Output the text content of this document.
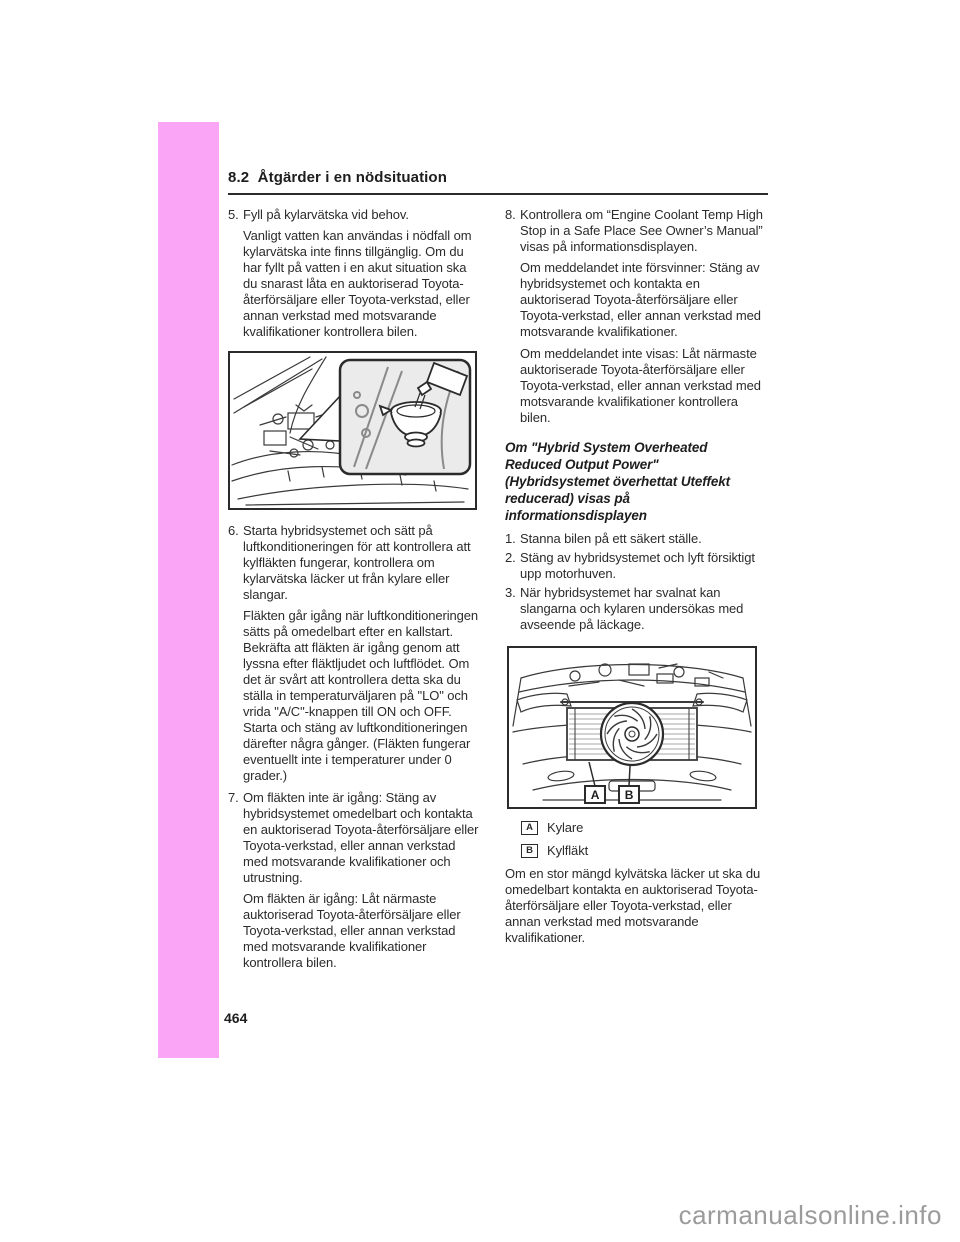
8.2  Åtgärder i en nödsituation
5. Fyll på kylarvätska vid behov.
Vanligt vatten kan användas i nödfall om kylarvätska inte finns tillgänglig. Om du har fyllt på vatten i en akut situation ska du snarast låta en auktoriserad Toyota-återförsäljare eller Toyota-verkstad, eller annan verkstad med motsvarande kvalifikationer kontrollera bilen.
6. Starta hybridsystemet och sätt på luftkonditioneringen för att kontrollera att kylfläkten fungerar, kontrollera om kylarvätska läcker ut från kylare eller slangar.
Fläkten går igång när luftkonditioneringen sätts på omedelbart efter en kallstart. Bekräfta att fläkten är igång genom att lyssna efter fläktljudet och luftflödet. Om det är svårt att kontrollera detta ska du ställa in temperaturväljaren på "LO" och vrida "A/C"-knappen till ON och OFF. Starta och stäng av luftkonditioneringen därefter några gånger. (Fläkten fungerar eventuellt inte i temperaturer under 0 grader.)
7. Om fläkten inte är igång: Stäng av hybridsystemet omedelbart och kontakta en auktoriserad Toyota-återförsäljare eller Toyota-verkstad, eller annan verkstad med motsvarande kvalifikationer och utrustning.
Om fläkten är igång: Låt närmaste auktoriserad Toyota-återförsäljare eller Toyota-verkstad, eller annan verkstad med motsvarande kvalifikationer kontrollera bilen.
8. Kontrollera om “Engine Coolant Temp High Stop in a Safe Place See Owner’s Manual” visas på informationsdisplayen.
Om meddelandet inte försvinner: Stäng av hybridsystemet och kontakta en auktoriserad Toyota-återförsäljare eller Toyota-verkstad, eller annan verkstad med motsvarande kvalifikationer.
Om meddelandet inte visas: Låt närmaste auktoriserade Toyota-återförsäljare eller Toyota-verkstad, eller annan verkstad med motsvarande kvalifikationer kontrollera bilen.
Om "Hybrid System Overheated Reduced Output Power" (Hybridsystemet överhettat Uteffekt reducerad) visas på informationsdisplayen
1. Stanna bilen på ett säkert ställe.
2. Stäng av hybridsystemet och lyft försiktigt upp motorhuven.
3. När hybridsystemet har svalnat kan slangarna och kylaren undersökas med avseende på läckage.
A B
A	Kylare
B	Kylfläkt
Om en stor mängd kylvätska läcker ut ska du omedelbart kontakta en auktoriserad Toyota-återförsäljare eller Toyota-verkstad, eller annan verkstad med motsvarande kvalifikationer.
464
carmanualsonline.info
